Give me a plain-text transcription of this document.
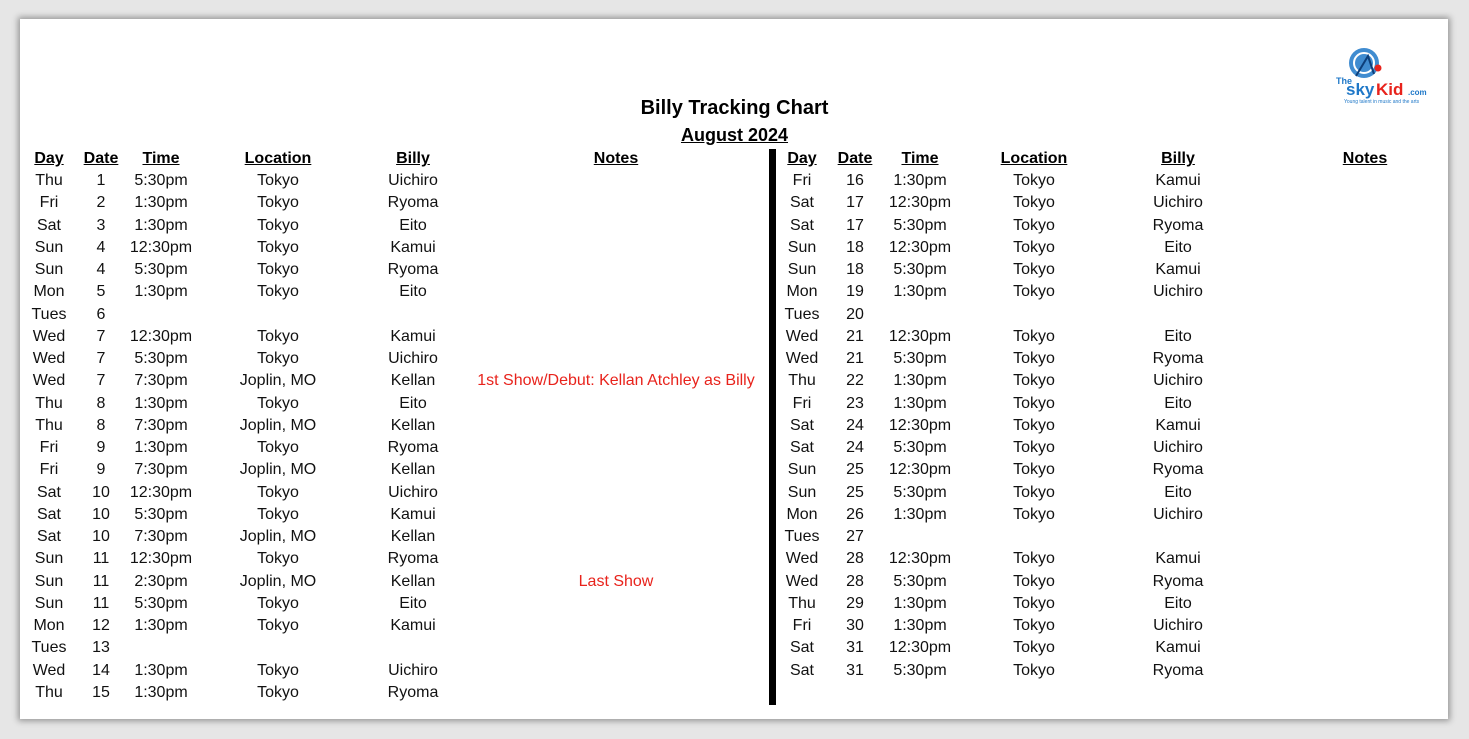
The
sky Kid .com
Young talent in music and the arts
Billy Tracking Chart
August 2024
Day	Date	Time	Location	Billy	Notes
Thu	1	5:30pm	Tokyo	Uichiro
Fri	2	1:30pm	Tokyo	Ryoma
Sat	3	1:30pm	Tokyo	Eito
Sun	4	12:30pm	Tokyo	Kamui
Sun	4	5:30pm	Tokyo	Ryoma
Mon	5	1:30pm	Tokyo	Eito
Tues	6
Wed	7	12:30pm	Tokyo	Kamui
Wed	7	5:30pm	Tokyo	Uichiro
Wed	7	7:30pm	Joplin, MO	Kellan	1st Show/Debut: Kellan Atchley as Billy
Thu	8	1:30pm	Tokyo	Eito
Thu	8	7:30pm	Joplin, MO	Kellan
Fri	9	1:30pm	Tokyo	Ryoma
Fri	9	7:30pm	Joplin, MO	Kellan
Sat	10	12:30pm	Tokyo	Uichiro
Sat	10	5:30pm	Tokyo	Kamui
Sat	10	7:30pm	Joplin, MO	Kellan
Sun	11	12:30pm	Tokyo	Ryoma
Sun	11	2:30pm	Joplin, MO	Kellan	Last Show
Sun	11	5:30pm	Tokyo	Eito
Mon	12	1:30pm	Tokyo	Kamui
Tues	13
Wed	14	1:30pm	Tokyo	Uichiro
Thu	15	1:30pm	Tokyo	Ryoma
Day	Date	Time	Location	Billy	Notes
Fri	16	1:30pm	Tokyo	Kamui
Sat	17	12:30pm	Tokyo	Uichiro
Sat	17	5:30pm	Tokyo	Ryoma
Sun	18	12:30pm	Tokyo	Eito
Sun	18	5:30pm	Tokyo	Kamui
Mon	19	1:30pm	Tokyo	Uichiro
Tues	20
Wed	21	12:30pm	Tokyo	Eito
Wed	21	5:30pm	Tokyo	Ryoma
Thu	22	1:30pm	Tokyo	Uichiro
Fri	23	1:30pm	Tokyo	Eito
Sat	24	12:30pm	Tokyo	Kamui
Sat	24	5:30pm	Tokyo	Uichiro
Sun	25	12:30pm	Tokyo	Ryoma
Sun	25	5:30pm	Tokyo	Eito
Mon	26	1:30pm	Tokyo	Uichiro
Tues	27
Wed	28	12:30pm	Tokyo	Kamui
Wed	28	5:30pm	Tokyo	Ryoma
Thu	29	1:30pm	Tokyo	Eito
Fri	30	1:30pm	Tokyo	Uichiro
Sat	31	12:30pm	Tokyo	Kamui
Sat	31	5:30pm	Tokyo	Ryoma
